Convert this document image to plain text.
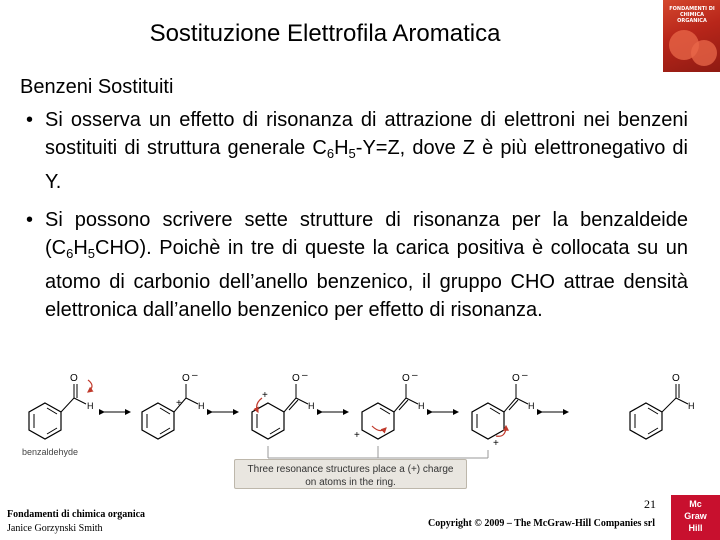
Sostituzione Elettrofila Aromatica
FONDAMENTI DI CHIMICA ORGANICA
Benzeni Sostituiti
• Si osserva un effetto di risonanza di attrazione di elettroni nei benzeni sostituiti di struttura generale $C_6H_5-Y=Z$, dove Z è più elettronegativo di Y.

• Si possono scrivere sette strutture di risonanza per la benzaldeide $(C_6H_5CHO)$. Poichè in tre di queste la carica positiva è collocata su un atomo di carbonio dell’anello benzenico, il gruppo CHO attrae densità elettronica dall’anello benzenico per effetto di risonanza.

O
H
O –
+ H
O –
+
H
O –
+
H
O –
+
H
O
H
benzaldehyde
Three resonance structures place a (+) charge
on atoms in the ring.
Fondamenti di chimica organica
Janice Gorzynski Smith
21
Copyright © 2009 – The McGraw-Hill Companies srl
Mc
Graw
Hill
